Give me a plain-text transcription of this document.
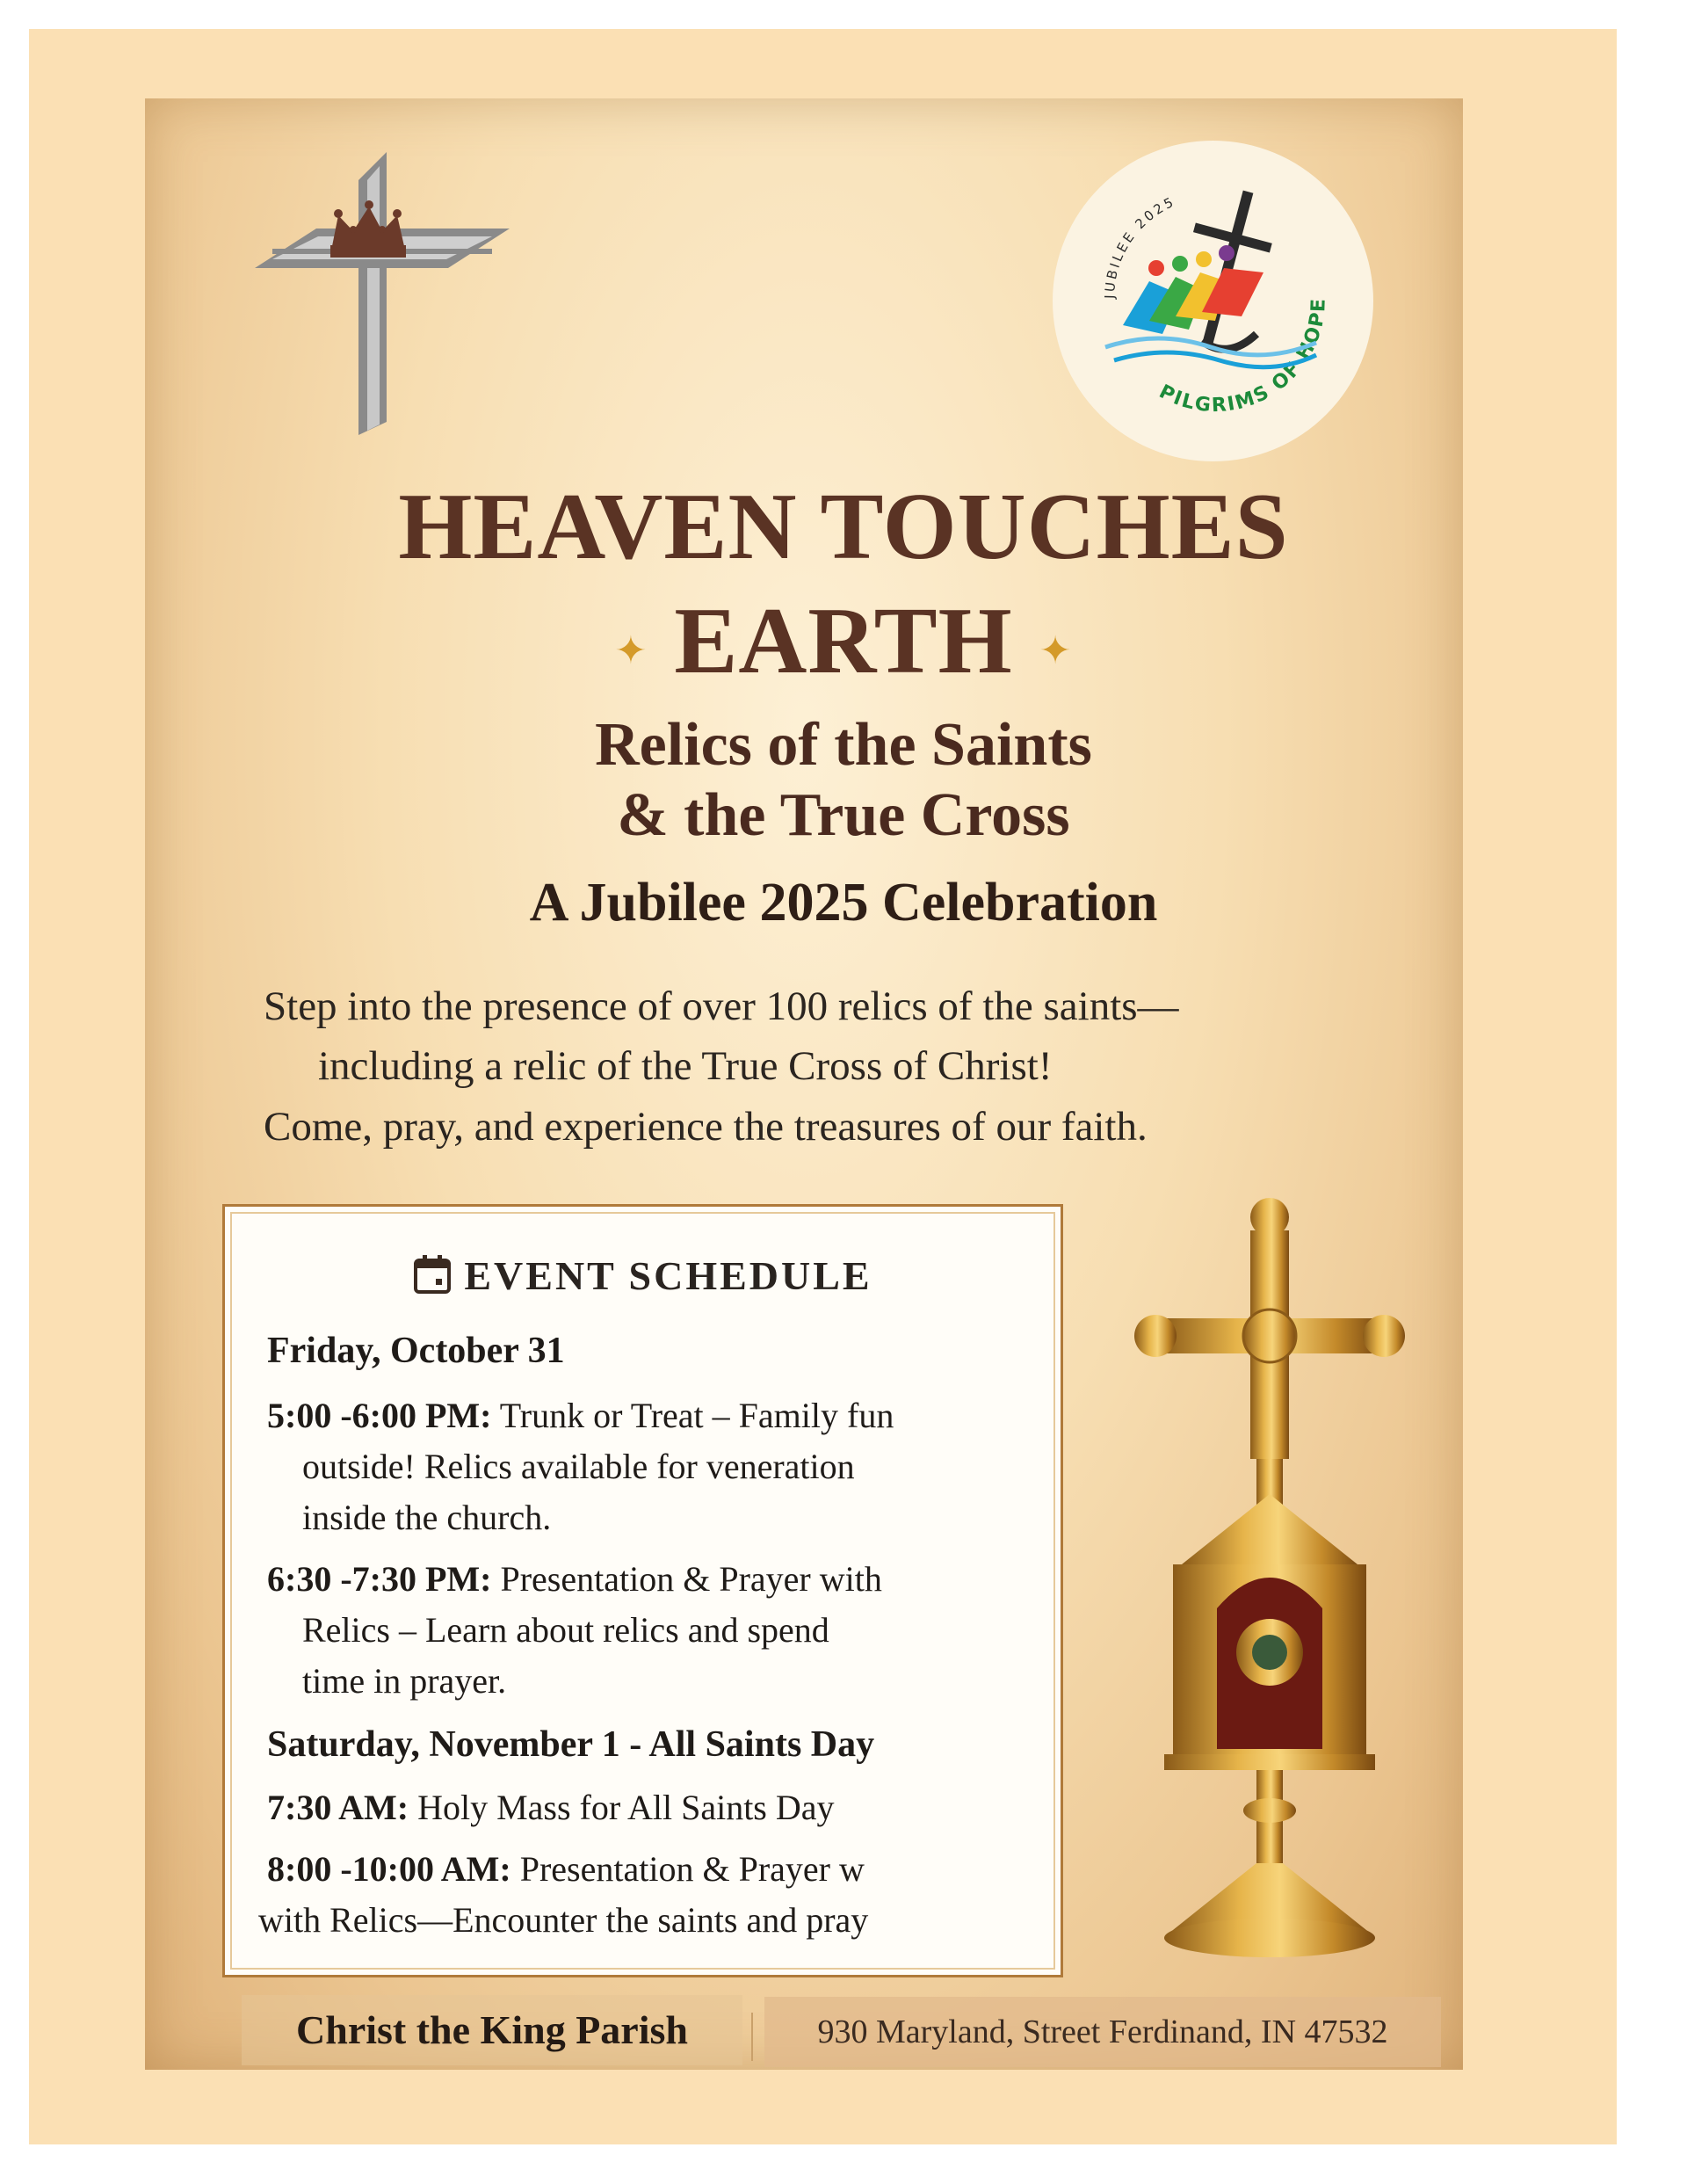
JUBILEE 2025
PILGRIMS OF HOPE
HEAVEN TOUCHES
✦ EARTH ✦
Relics of the Saints
& the True Cross
A Jubilee 2025 Celebration

Step into the presence of over 100 relics of the saints—

including a relic of the True Cross of Christ!

Come, pray, and experience the treasures of our faith.

EVENT SCHEDULE

Friday, October 31

5:00 -6:00 PM: Trunk or Treat – Family fun

outside! Relics available for veneration

inside the church.

6:30 -7:30 PM: Presentation & Prayer with

Relics – Learn about relics and spend

time in prayer.

Saturday, November 1 - All Saints Day

7:30 AM: Holy Mass for All Saints Day

8:00 -10:00 AM: Presentation & Prayer w

with Relics—Encounter the saints and pray

Christ the King Parish	930 Maryland, Street Ferdinand, IN 47532
